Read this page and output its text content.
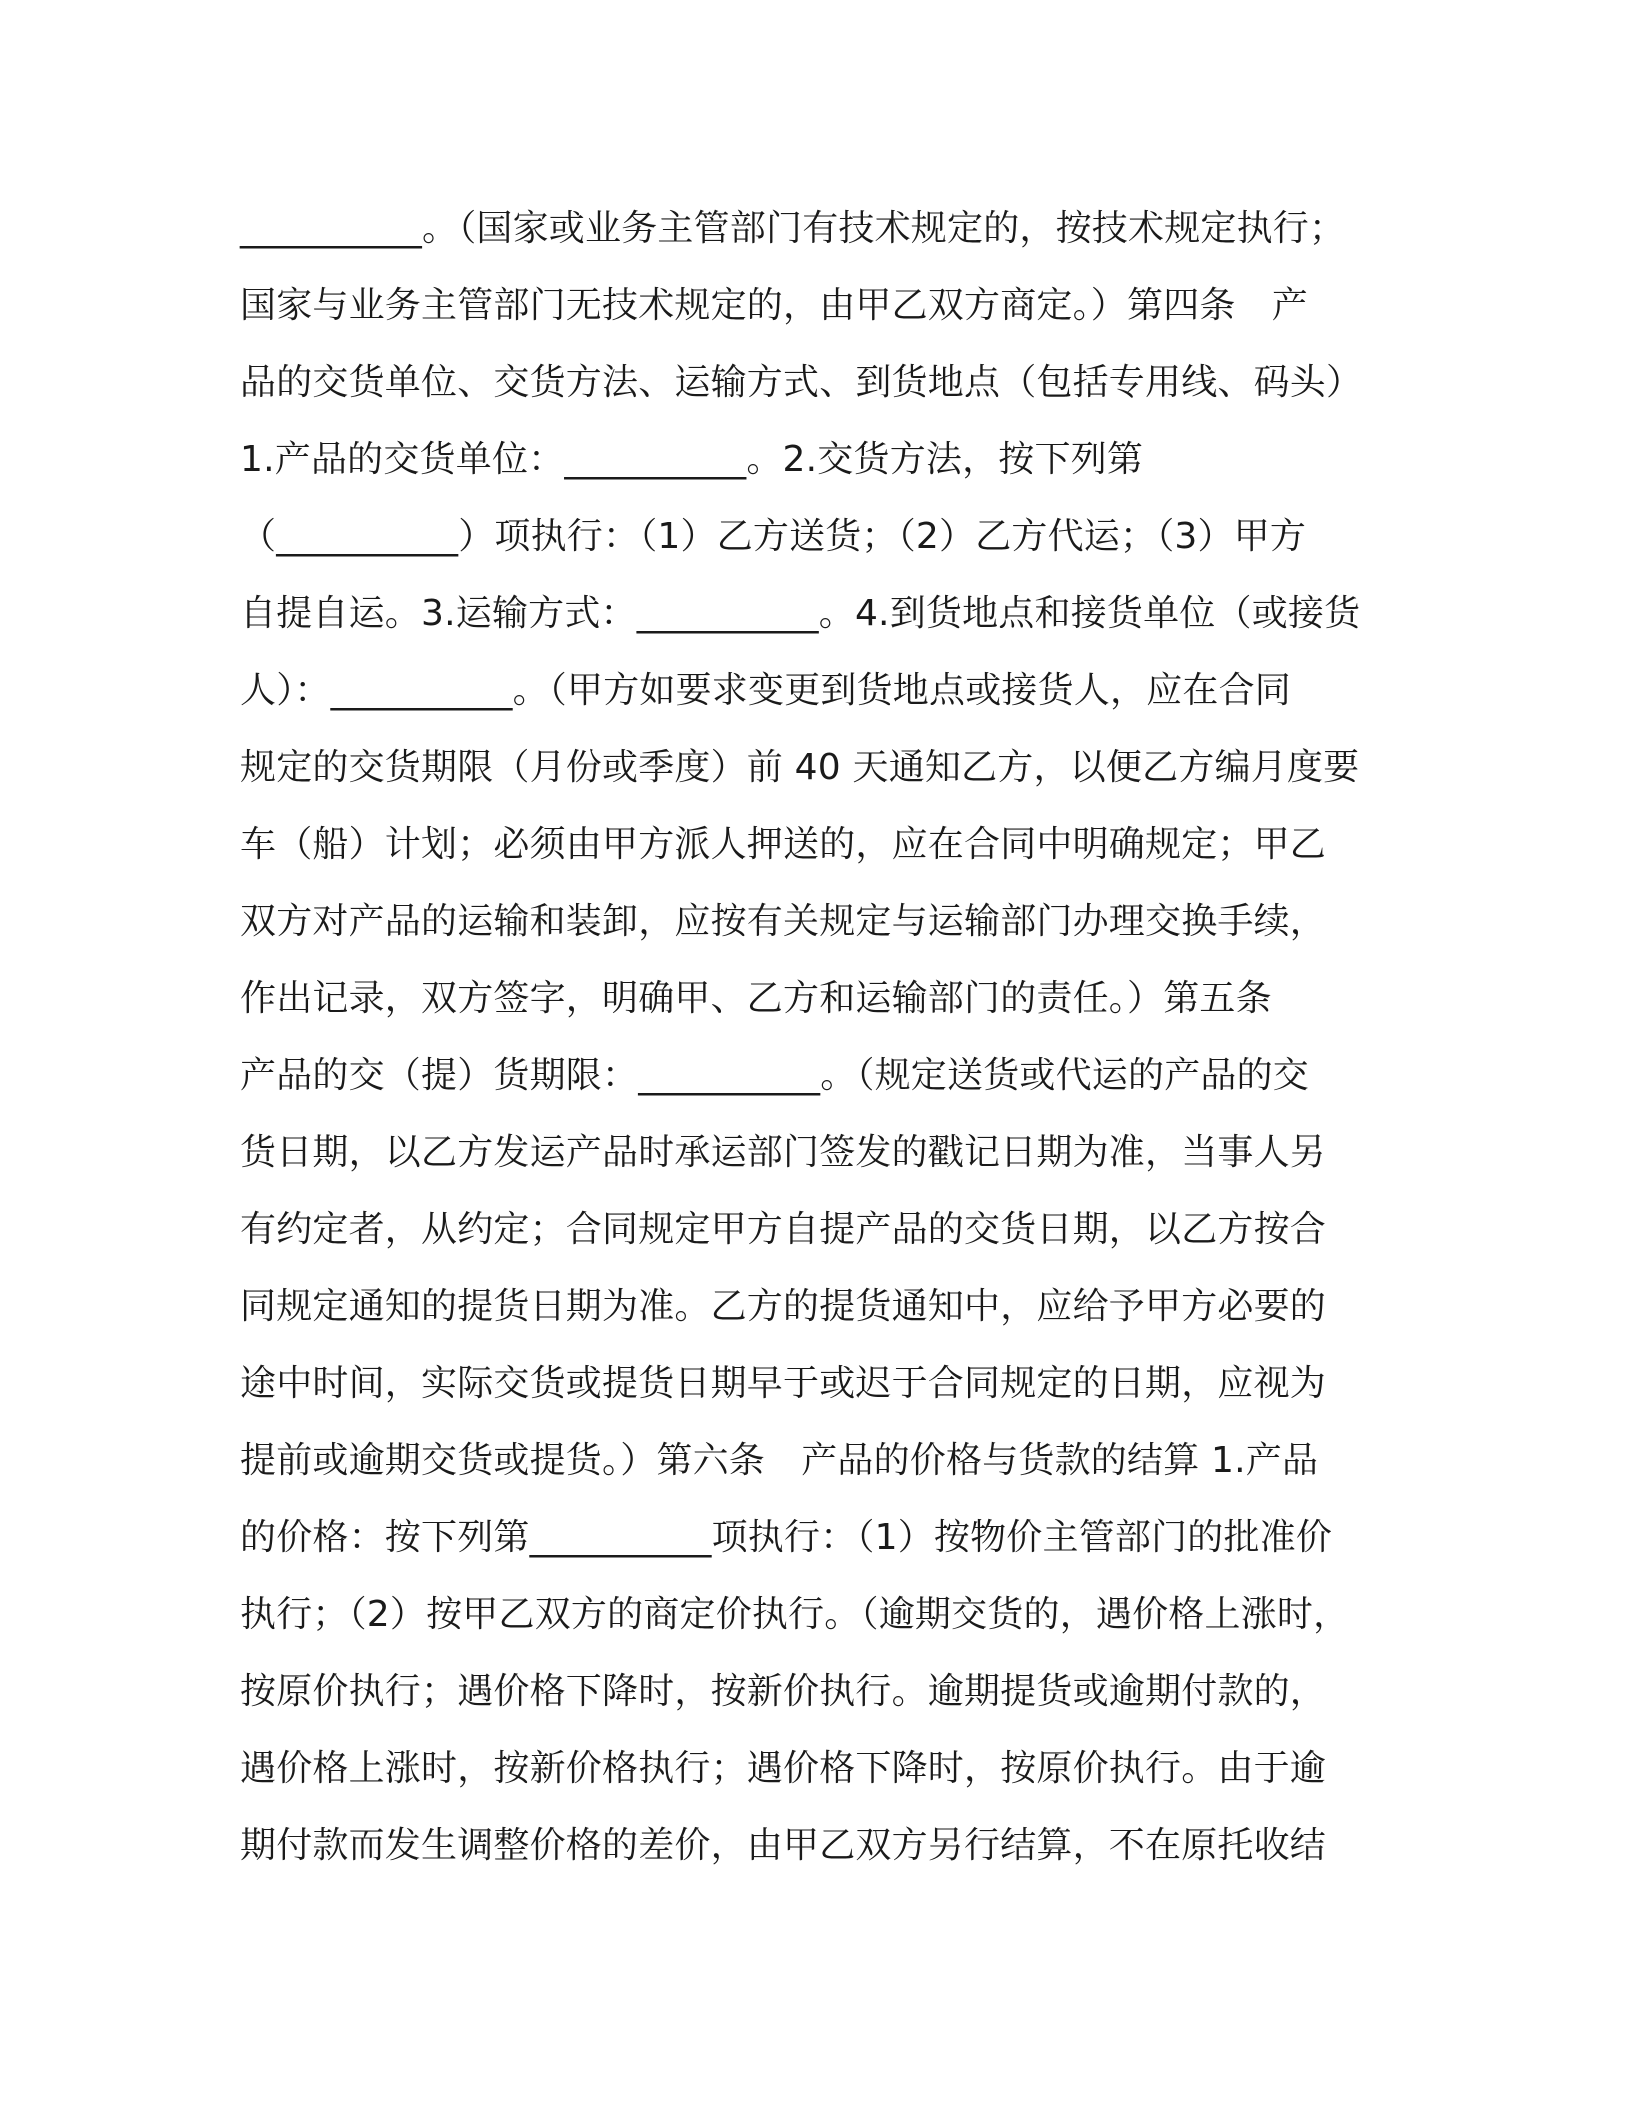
__________。（国家或业务主管部门有技术规定的，按技术规定执行；
国家与业务主管部门无技术规定的，由甲乙双方商定。）第四条　产
品的交货单位、交货方法、运输方式、到货地点（包括专用线、码头）
1.产品的交货单位：__________。2.交货方法，按下列第
（__________）项执行：（1）乙方送货；（2）乙方代运；（3）甲方
自提自运。3.运输方式：__________。4.到货地点和接货单位（或接货
人）：__________。（甲方如要求变更到货地点或接货人，应在合同
规定的交货期限（月份或季度）前 40 天通知乙方，以便乙方编月度要
车（船）计划；必须由甲方派人押送的，应在合同中明确规定；甲乙
双方对产品的运输和装卸，应按有关规定与运输部门办理交换手续，
作出记录，双方签字，明确甲、乙方和运输部门的责任。）第五条
产品的交（提）货期限：__________。（规定送货或代运的产品的交
货日期，以乙方发运产品时承运部门签发的戳记日期为准，当事人另
有约定者，从约定；合同规定甲方自提产品的交货日期，以乙方按合
同规定通知的提货日期为准。乙方的提货通知中，应给予甲方必要的
途中时间，实际交货或提货日期早于或迟于合同规定的日期，应视为
提前或逾期交货或提货。）第六条　产品的价格与货款的结算 1.产品
的价格：按下列第__________项执行：（1）按物价主管部门的批准价
执行；（2）按甲乙双方的商定价执行。（逾期交货的，遇价格上涨时，
按原价执行；遇价格下降时，按新价执行。逾期提货或逾期付款的，
遇价格上涨时，按新价格执行；遇价格下降时，按原价执行。由于逾
期付款而发生调整价格的差价，由甲乙双方另行结算，不在原托收结
